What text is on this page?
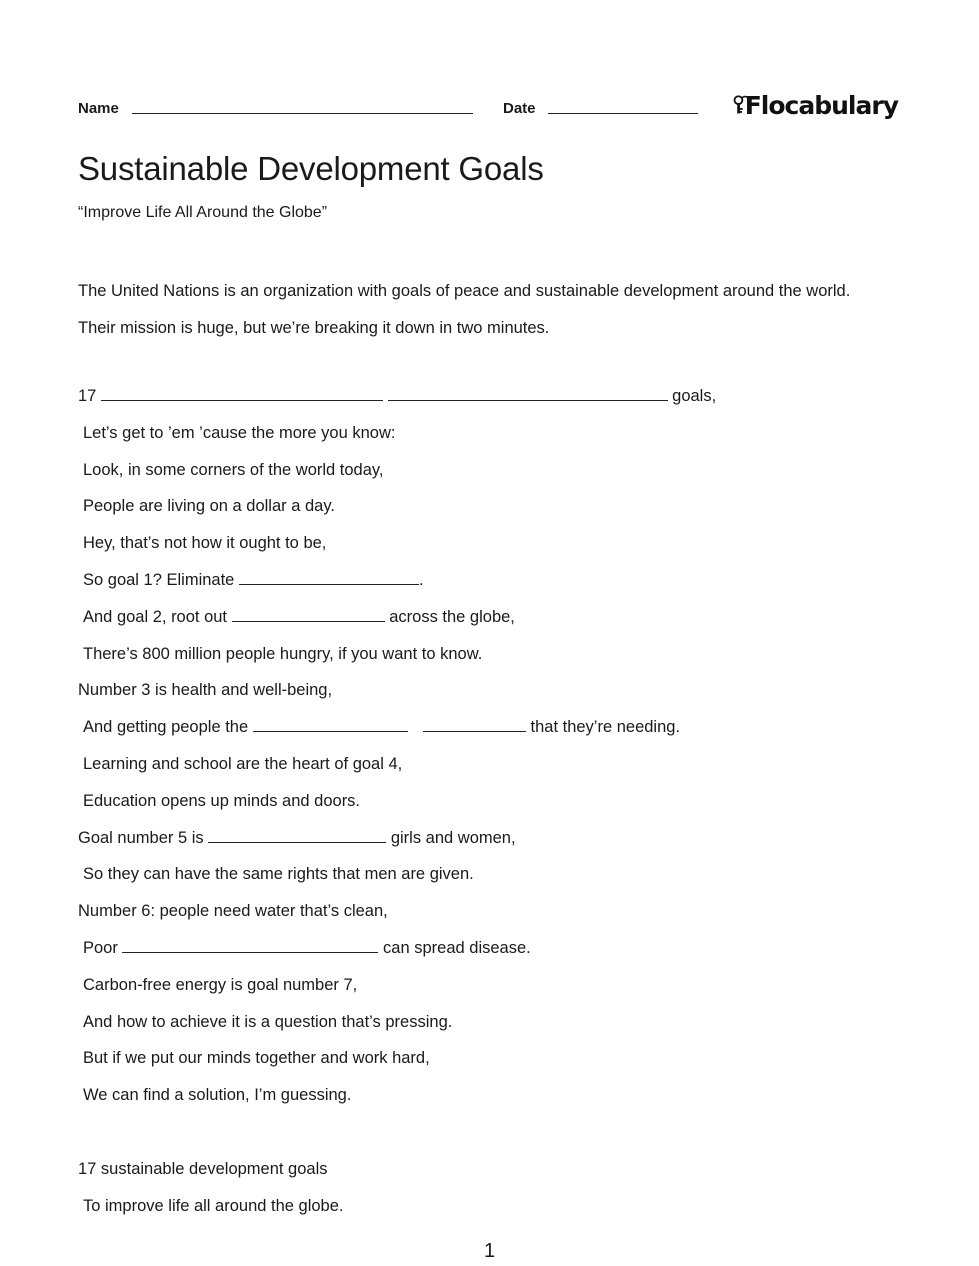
Name	Date	Flocabulary
Sustainable Development Goals
“Improve Life All Around the Globe”

The United Nations is an organization with goals of peace and sustainable development around the world.

Their mission is huge, but we’re breaking it down in two minutes.

17	goals,
Let’s get to ’em ’cause the more you know:
Look, in some corners of the world today,
People are living on a dollar a day.
Hey, that’s not how it ought to be,
So goal 1? Eliminate	.
And goal 2, root out	across the globe,
There’s 800 million people hungry, if you want to know.
Number 3 is health and well-being,
And getting people the	that they’re needing.
Learning and school are the heart of goal 4,
Education opens up minds and doors.
Goal number 5 is	girls and women,
So they can have the same rights that men are given.
Number 6: people need water that’s clean,
Poor	can spread disease.
Carbon-free energy is goal number 7,
And how to achieve it is a question that’s pressing.
But if we put our minds together and work hard,
We can find a solution, I’m guessing.
17 sustainable development goals
To improve life all around the globe.
1
